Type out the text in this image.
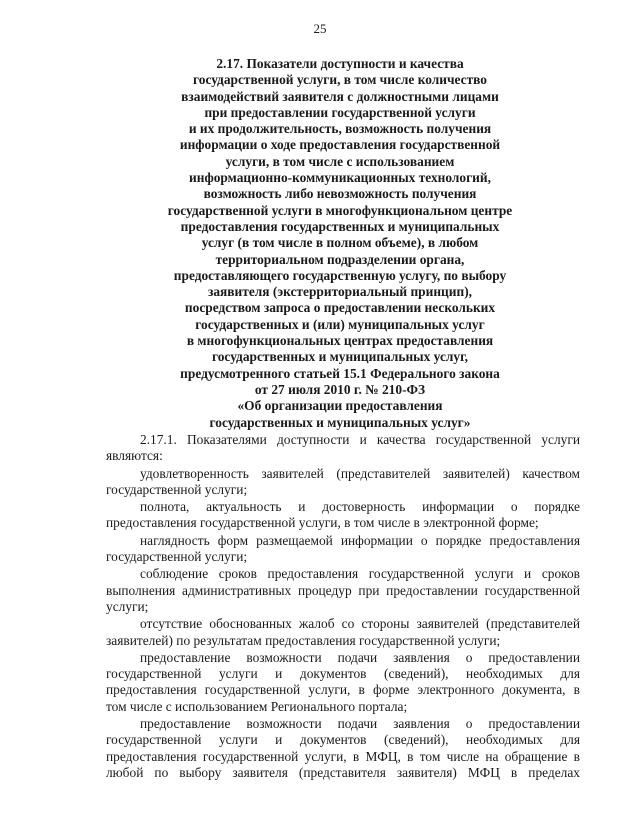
25
2.17. Показатели доступности и качества
государственной услуги, в том числе количество
взаимодействий заявителя с должностными лицами
при предоставлении государственной услуги
и их продолжительность, возможность получения
информации о ходе предоставления государственной
услуги, в том числе с использованием
информационно-коммуникационных технологий,
возможность либо невозможность получения
государственной услуги в многофункциональном центре
предоставления государственных и муниципальных
услуг (в том числе в полном объеме), в любом
территориальном подразделении органа,
предоставляющего государственную услугу, по выбору
заявителя (экстерриториальный принцип),
посредством запроса о предоставлении нескольких
государственных и (или) муниципальных услуг
в многофункциональных центрах предоставления
государственных и муниципальных услуг,
предусмотренного статьей 15.1 Федерального закона
от 27 июля 2010 г. № 210-ФЗ
«Об организации предоставления
государственных и муниципальных услуг»

2.17.1. Показателями доступности и качества государственной услуги
являются:

удовлетворенность заявителей (представителей заявителей) качеством
государственной услуги;

полнота, актуальность и достоверность информации о порядке
предоставления государственной услуги, в том числе в электронной форме;

наглядность форм размещаемой информации о порядке предоставления
государственной услуги;

соблюдение сроков предоставления государственной услуги и сроков
выполнения административных процедур при предоставлении государственной
услуги;

отсутствие обоснованных жалоб со стороны заявителей (представителей
заявителей) по результатам предоставления государственной услуги;

предоставление возможности подачи заявления о предоставлении
государственной услуги и документов (сведений), необходимых для
предоставления государственной услуги, в форме электронного документа, в
том числе с использованием Регионального портала;

предоставление возможности подачи заявления о предоставлении
государственной услуги и документов (сведений), необходимых для
предоставления государственной услуги, в МФЦ, в том числе на обращение в
любой по выбору заявителя (представителя заявителя) МФЦ в пределах
